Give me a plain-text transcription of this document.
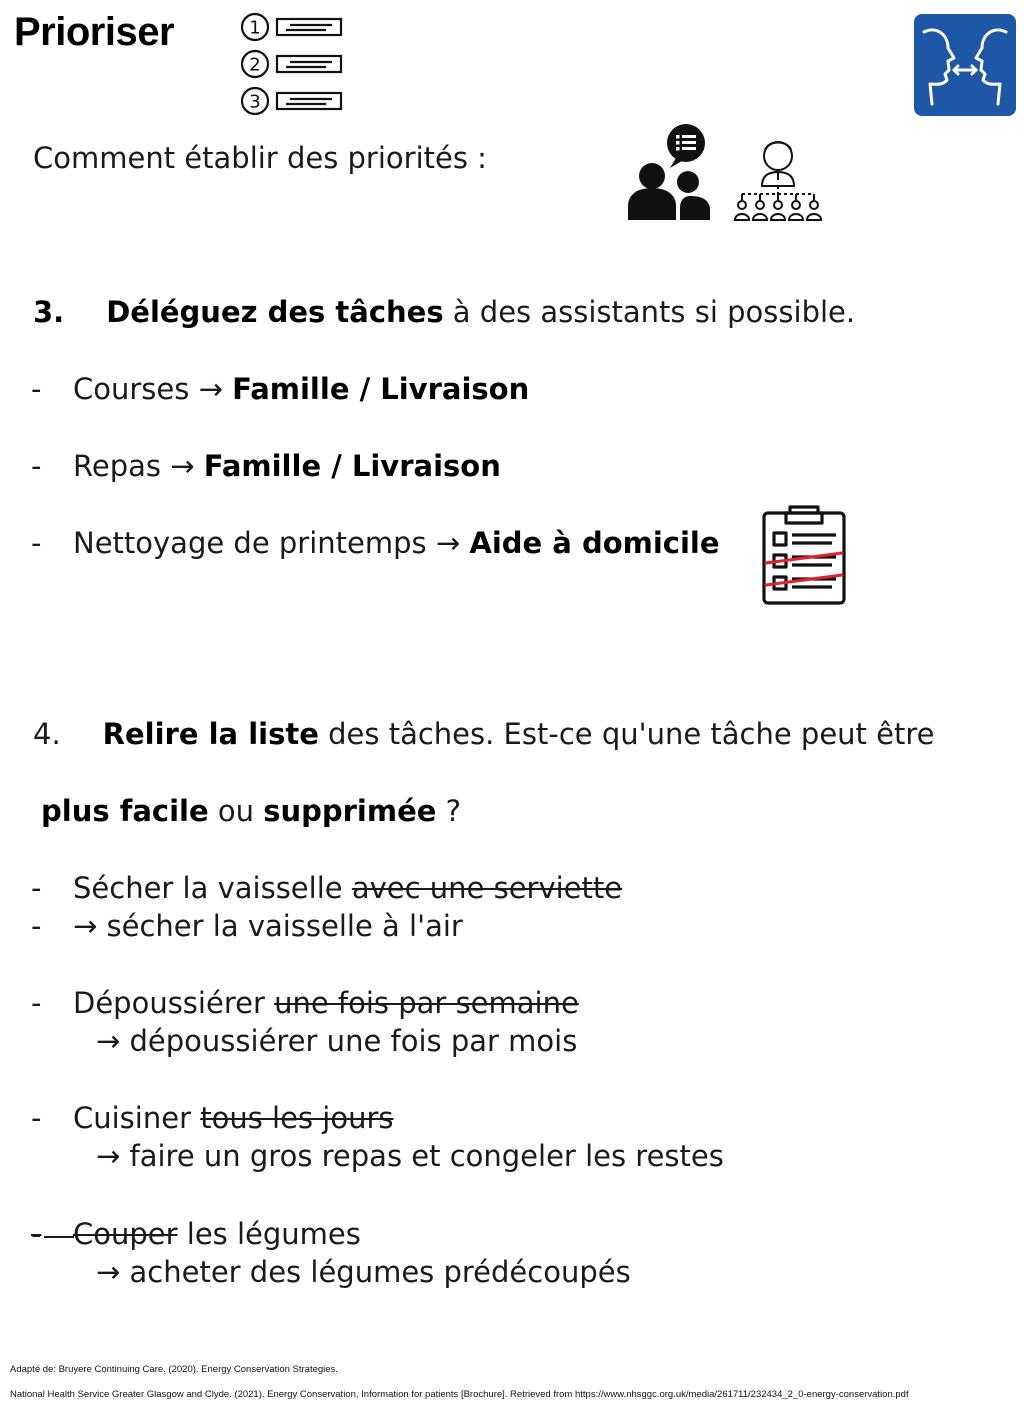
Prioriser	1
2
3
Comment établir des priorités :
3. Déléguez des tâches à des assistants si possible.
- Courses → Famille / Livraison
- Repas → Famille / Livraison
- Nettoyage de printemps → Aide à domicile
4. Relire la liste des tâches. Est-ce qu'une tâche peut être
plus facile ou supprimée ?
- Sécher la vaisselle avec une serviette
- → sécher la vaisselle à l'air
- Dépoussiérer une fois par semaine
→ dépoussiérer une fois par mois
- Cuisiner tous les jours
→ faire un gros repas et congeler les restes
- Couper les légumes
→ acheter des légumes prédécoupés
Adapté de: Bruyere Continuing Care. (2020). Energy Conservation Strategies.
National Health Service Greater Glasgow and Clyde. (2021). Energy Conservation, Information for patients [Brochure]. Retrieved from https://www.nhsggc.org.uk/media/261711/232434_2_0-energy-conservation.pdf
